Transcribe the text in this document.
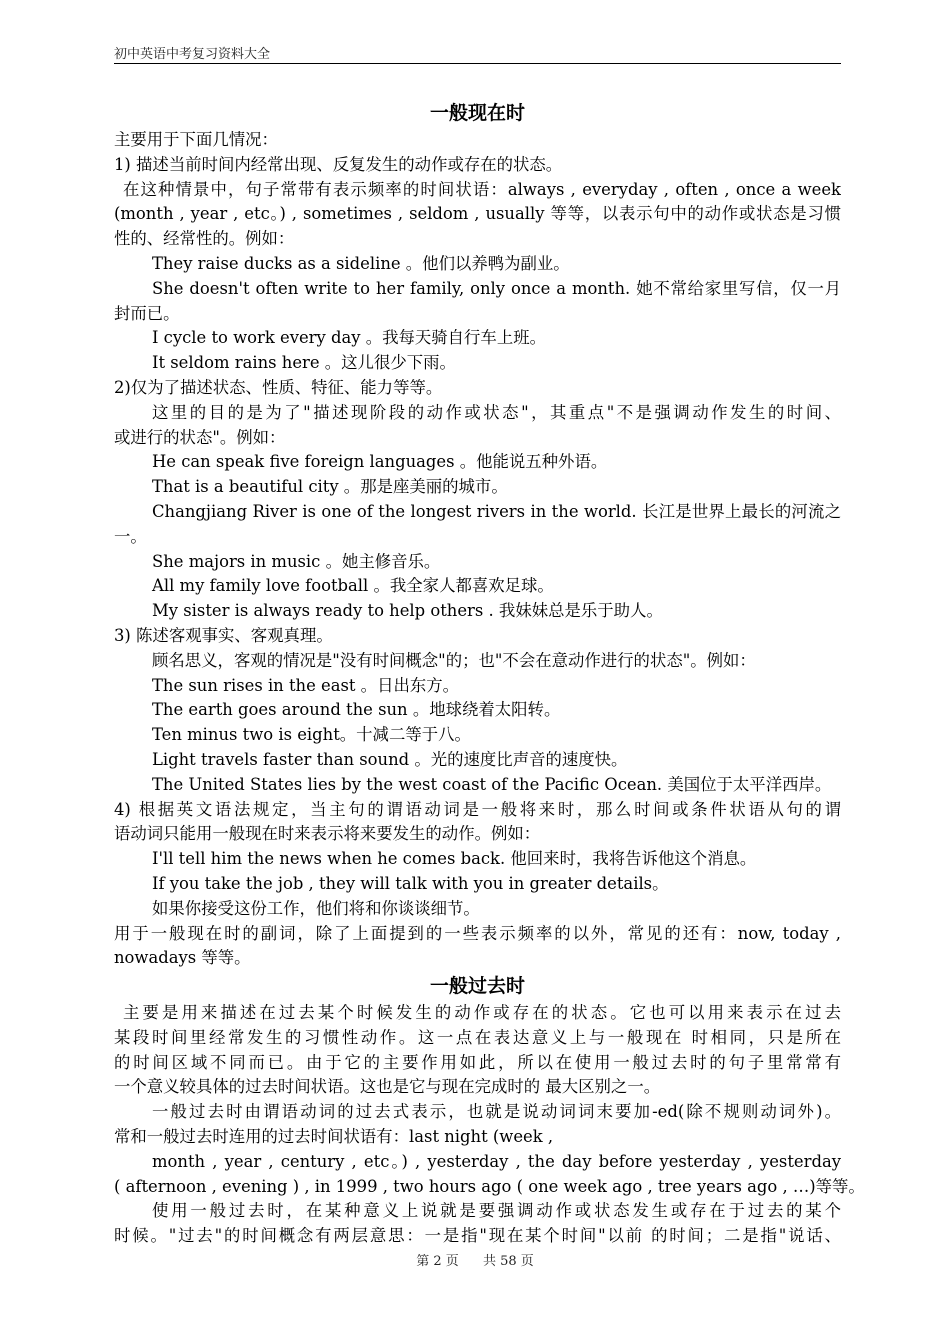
初中英语中考复习资料大全
一般现在时
主要用于下面几情况：
1) 描述当前时间内经常出现、反复发生的动作或存在的状态。
在这种情景中，句子常带有表示频率的时间状语：always , everyday , often , once a week
(month , year , etc。) , sometimes , seldom , usually 等等，以表示句中的动作或状态是习惯
性的、经常性的。例如：
They raise ducks as a sideline 。他们以养鸭为副业。
She doesn't often write to her family, only once a month. 她不常给家里写信，仅一月
封而已。
I cycle to work every day 。我每天骑自行车上班。
It seldom rains here 。这儿很少下雨。
2)仅为了描述状态、性质、特征、能力等等。
这里的目的是为了"描述现阶段的动作或状态"，其重点"不是强调动作发生的时间、
或进行的状态"。例如：
He can speak five foreign languages 。他能说五种外语。
That is a beautiful city 。那是座美丽的城市。
Changjiang River is one of the longest rivers in the world. 长江是世界上最长的河流之
一。
She majors in music 。她主修音乐。
All my family love football 。我全家人都喜欢足球。
My sister is always ready to help others . 我妹妹总是乐于助人。
3) 陈述客观事实、客观真理。
顾名思义，客观的情况是"没有时间概念"的；也"不会在意动作进行的状态"。例如：
The sun rises in the east 。日出东方。
The earth goes around the sun 。地球绕着太阳转。
Ten minus two is eight。十减二等于八。
Light travels faster than sound 。光的速度比声音的速度快。
The United States lies by the west coast of the Pacific Ocean. 美国位于太平洋西岸。
4) 根据英文语法规定，当主句的谓语动词是一般将来时，那么时间或条件状语从句的谓
语动词只能用一般现在时来表示将来要发生的动作。例如：
I'll tell him the news when he comes back. 他回来时，我将告诉他这个消息。
If you take the job , they will talk with you in greater details。
如果你接受这份工作，他们将和你谈谈细节。
用于一般现在时的副词，除了上面提到的一些表示频率的以外，常见的还有：now, today ,
nowadays 等等。
一般过去时
主要是用来描述在过去某个时候发生的动作或存在的状态。它也可以用来表示在过去
某段时间里经常发生的习惯性动作。这一点在表达意义上与一般现在 时相同，只是所在
的时间区域不同而已。由于它的主要作用如此，所以在使用一般过去时的句子里常常有
一个意义较具体的过去时间状语。这也是它与现在完成时的 最大区别之一。
一般过去时由谓语动词的过去式表示，也就是说动词词末要加-ed(除不规则动词外)。
常和一般过去时连用的过去时间状语有：last night (week ,
month , year , century , etc。) , yesterday , the day before yesterday , yesterday
( afternoon , evening ) , in 1999 , two hours ago ( one week ago , tree years ago , …)等等。
使用一般过去时，在某种意义上说就是要强调动作或状态发生或存在于过去的某个
时候。"过去"的时间概念有两层意思：一是指"现在某个时间"以前 的时间；二是指"说话、
第 2 页 共 58 页
